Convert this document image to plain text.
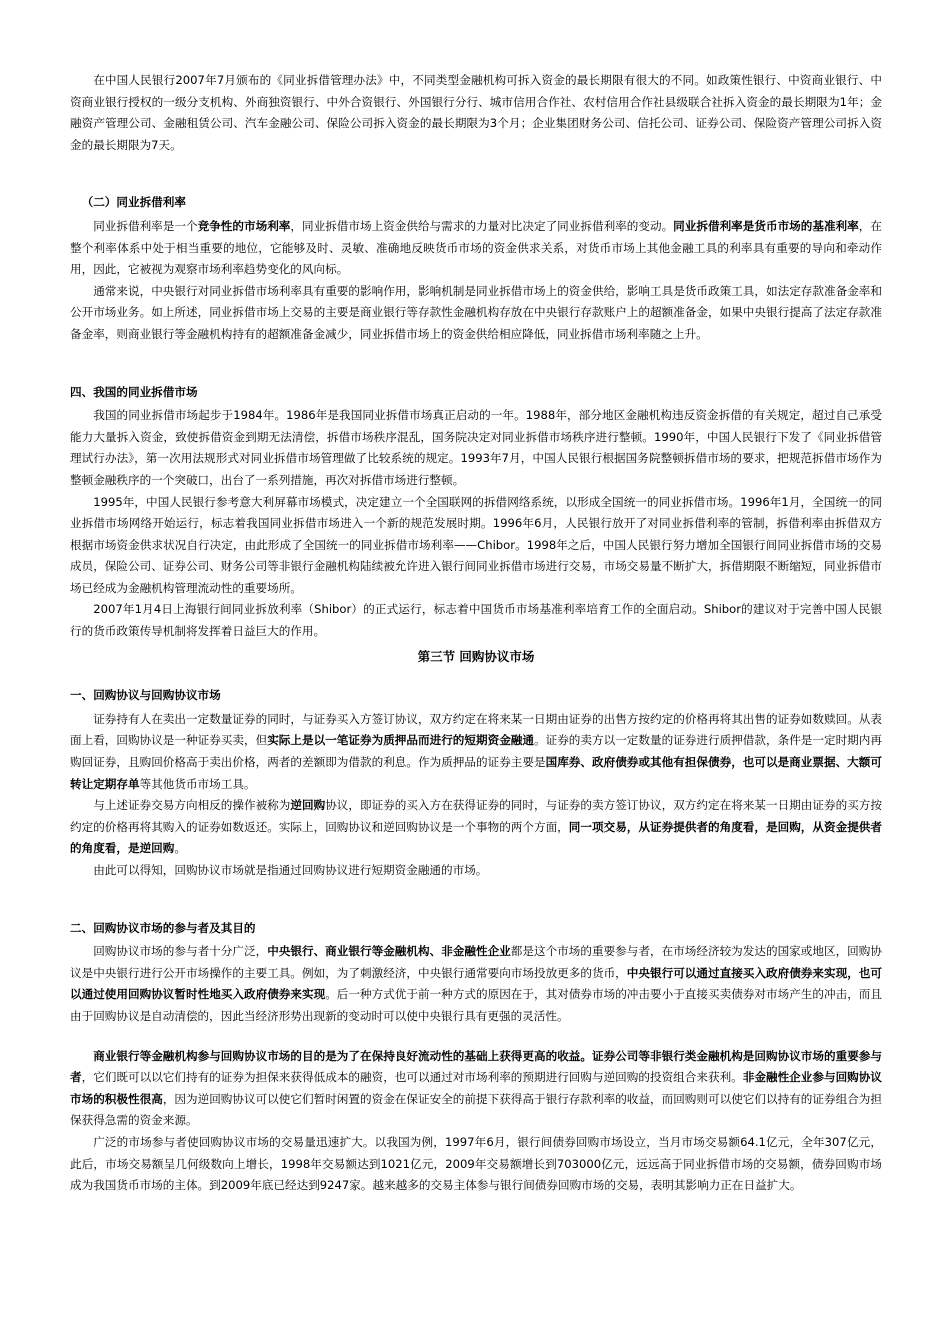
在中国人民银行2007年7月颁布的《同业拆借管理办法》中，不同类型金融机构可拆入资金的最长期限有很大的不同。如政策性银行、中资商业银行、中资商业银行授权的一级分支机构、外商独资银行、中外合资银行、外国银行分行、城市信用合作社、农村信用合作社县级联合社拆入资金的最长期限为1年；金融资产管理公司、金融租赁公司、汽车金融公司、保险公司拆入资金的最长期限为3个月；企业集团财务公司、信托公司、证券公司、保险资产管理公司拆入资金的最长期限为7天。

（二）同业拆借利率

同业拆借利率是一个竞争性的市场利率，同业拆借市场上资金供给与需求的力量对比决定了同业拆借利率的变动。同业拆借利率是货币市场的基准利率，在整个利率体系中处于相当重要的地位，它能够及时、灵敏、准确地反映货币市场的资金供求关系，对货币市场上其他金融工具的利率具有重要的导向和牵动作用，因此，它被视为观察市场利率趋势变化的风向标。

通常来说，中央银行对同业拆借市场利率具有重要的影响作用，影响机制是同业拆借市场上的资金供给，影响工具是货币政策工具，如法定存款准备金率和公开市场业务。如上所述，同业拆借市场上交易的主要是商业银行等存款性金融机构存放在中央银行存款账户上的超额准备金，如果中央银行提高了法定存款准备金率，则商业银行等金融机构持有的超额准备金减少，同业拆借市场上的资金供给相应降低，同业拆借市场利率随之上升。

四、我国的同业拆借市场

我国的同业拆借市场起步于1984年。1986年是我国同业拆借市场真正启动的一年。1988年，部分地区金融机构违反资金拆借的有关规定，超过自己承受能力大量拆入资金，致使拆借资金到期无法清偿，拆借市场秩序混乱，国务院决定对同业拆借市场秩序进行整顿。1990年，中国人民银行下发了《同业拆借管理试行办法》，第一次用法规形式对同业拆借市场管理做了比较系统的规定。1993年7月，中国人民银行根据国务院整顿拆借市场的要求，把规范拆借市场作为整顿金融秩序的一个突破口，出台了一系列措施，再次对拆借市场进行整顿。

1995年，中国人民银行参考意大利屏幕市场模式，决定建立一个全国联网的拆借网络系统，以形成全国统一的同业拆借市场。1996年1月，全国统一的同业拆借市场网络开始运行，标志着我国同业拆借市场进入一个新的规范发展时期。1996年6月，人民银行放开了对同业拆借利率的管制，拆借利率由拆借双方根据市场资金供求状况自行决定，由此形成了全国统一的同业拆借市场利率——Chibor。1998年之后，中国人民银行努力增加全国银行间同业拆借市场的交易成员，保险公司、证券公司、财务公司等非银行金融机构陆续被允许进入银行间同业拆借市场进行交易，市场交易量不断扩大，拆借期限不断缩短，同业拆借市场已经成为金融机构管理流动性的重要场所。

2007年1月4日上海银行间同业拆放利率（Shibor）的正式运行，标志着中国货币市场基准利率培育工作的全面启动。Shibor的建议对于完善中国人民银行的货币政策传导机制将发挥着日益巨大的作用。

第三节 回购协议市场
一、回购协议与回购协议市场

证券持有人在卖出一定数量证券的同时，与证券买入方签订协议，双方约定在将来某一日期由证券的出售方按约定的价格再将其出售的证券如数赎回。从表面上看，回购协议是一种证券买卖，但实际上是以一笔证券为质押品而进行的短期资金融通。证券的卖方以一定数量的证券进行质押借款，条件是一定时期内再购回证券，且购回价格高于卖出价格，两者的差额即为借款的利息。作为质押品的证券主要是国库券、政府债券或其他有担保债券，也可以是商业票据、大额可转让定期存单等其他货币市场工具。

与上述证券交易方向相反的操作被称为逆回购协议，即证券的买入方在获得证券的同时，与证券的卖方签订协议，双方约定在将来某一日期由证券的买方按约定的价格再将其购入的证券如数返还。实际上，回购协议和逆回购协议是一个事物的两个方面，同一项交易，从证券提供者的角度看，是回购，从资金提供者的角度看，是逆回购。

由此可以得知，回购协议市场就是指通过回购协议进行短期资金融通的市场。

二、回购协议市场的参与者及其目的

回购协议市场的参与者十分广泛，中央银行、商业银行等金融机构、非金融性企业都是这个市场的重要参与者，在市场经济较为发达的国家或地区，回购协议是中央银行进行公开市场操作的主要工具。例如，为了刺激经济，中央银行通常要向市场投放更多的货币，中央银行可以通过直接买入政府债券来实现，也可以通过使用回购协议暂时性地买入政府债券来实现。后一种方式优于前一种方式的原因在于，其对债券市场的冲击要小于直接买卖债券对市场产生的冲击，而且由于回购协议是自动清偿的，因此当经济形势出现新的变动时可以使中央银行具有更强的灵活性。

商业银行等金融机构参与回购协议市场的目的是为了在保持良好流动性的基础上获得更高的收益。证券公司等非银行类金融机构是回购协议市场的重要参与者，它们既可以以它们持有的证券为担保来获得低成本的融资，也可以通过对市场利率的预期进行回购与逆回购的投资组合来获利。非金融性企业参与回购协议市场的积极性很高，因为逆回购协议可以使它们暂时闲置的资金在保证安全的前提下获得高于银行存款利率的收益，而回购则可以使它们以持有的证券组合为担保获得急需的资金来源。

广泛的市场参与者使回购协议市场的交易量迅速扩大。以我国为例，1997年6月，银行间债券回购市场设立，当月市场交易额64.1亿元，全年307亿元，此后，市场交易额呈几何级数向上增长，1998年交易额达到1021亿元，2009年交易额增长到703000亿元，远远高于同业拆借市场的交易额，债券回购市场成为我国货币市场的主体。到2009年底已经达到9247家。越来越多的交易主体参与银行间债券回购市场的交易，表明其影响力正在日益扩大。
